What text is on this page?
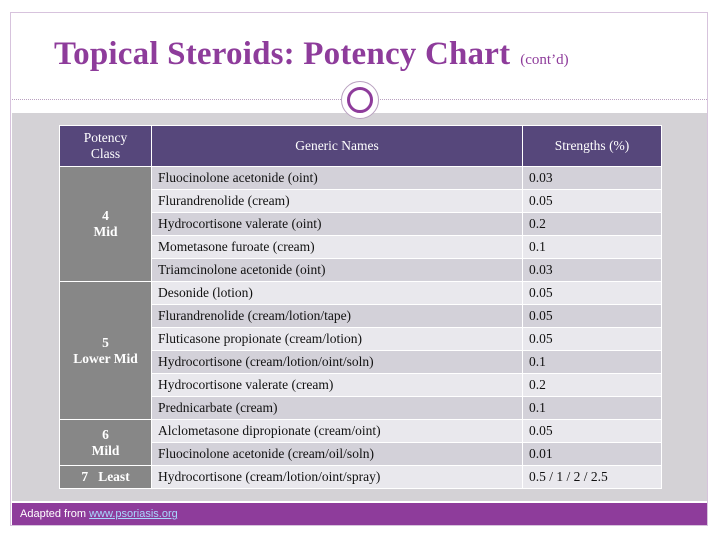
Topical Steroids: Potency Chart (cont’d)
Potency
Class	Generic Names	Strengths (%)
4
Mid	Fluocinolone acetonide (oint)	0.03
	Flurandrenolide (cream)	0.05
	Hydrocortisone valerate (oint)	0.2
	Mometasone furoate (cream)	0.1
	Triamcinolone acetonide (oint)	0.03
5
Lower Mid	Desonide (lotion)	0.05
	Flurandrenolide (cream/lotion/tape)	0.05
	Fluticasone propionate (cream/lotion)	0.05
	Hydrocortisone (cream/lotion/oint/soln)	0.1
	Hydrocortisone valerate (cream)	0.2
	Prednicarbate (cream)	0.1
6
Mild	Alclometasone dipropionate (cream/oint)	0.05
	Fluocinolone acetonide (cream/oil/soln)	0.01
7 Least	Hydrocortisone (cream/lotion/oint/spray)	0.5 / 1 / 2 / 2.5
Adapted from www.psoriasis.org
